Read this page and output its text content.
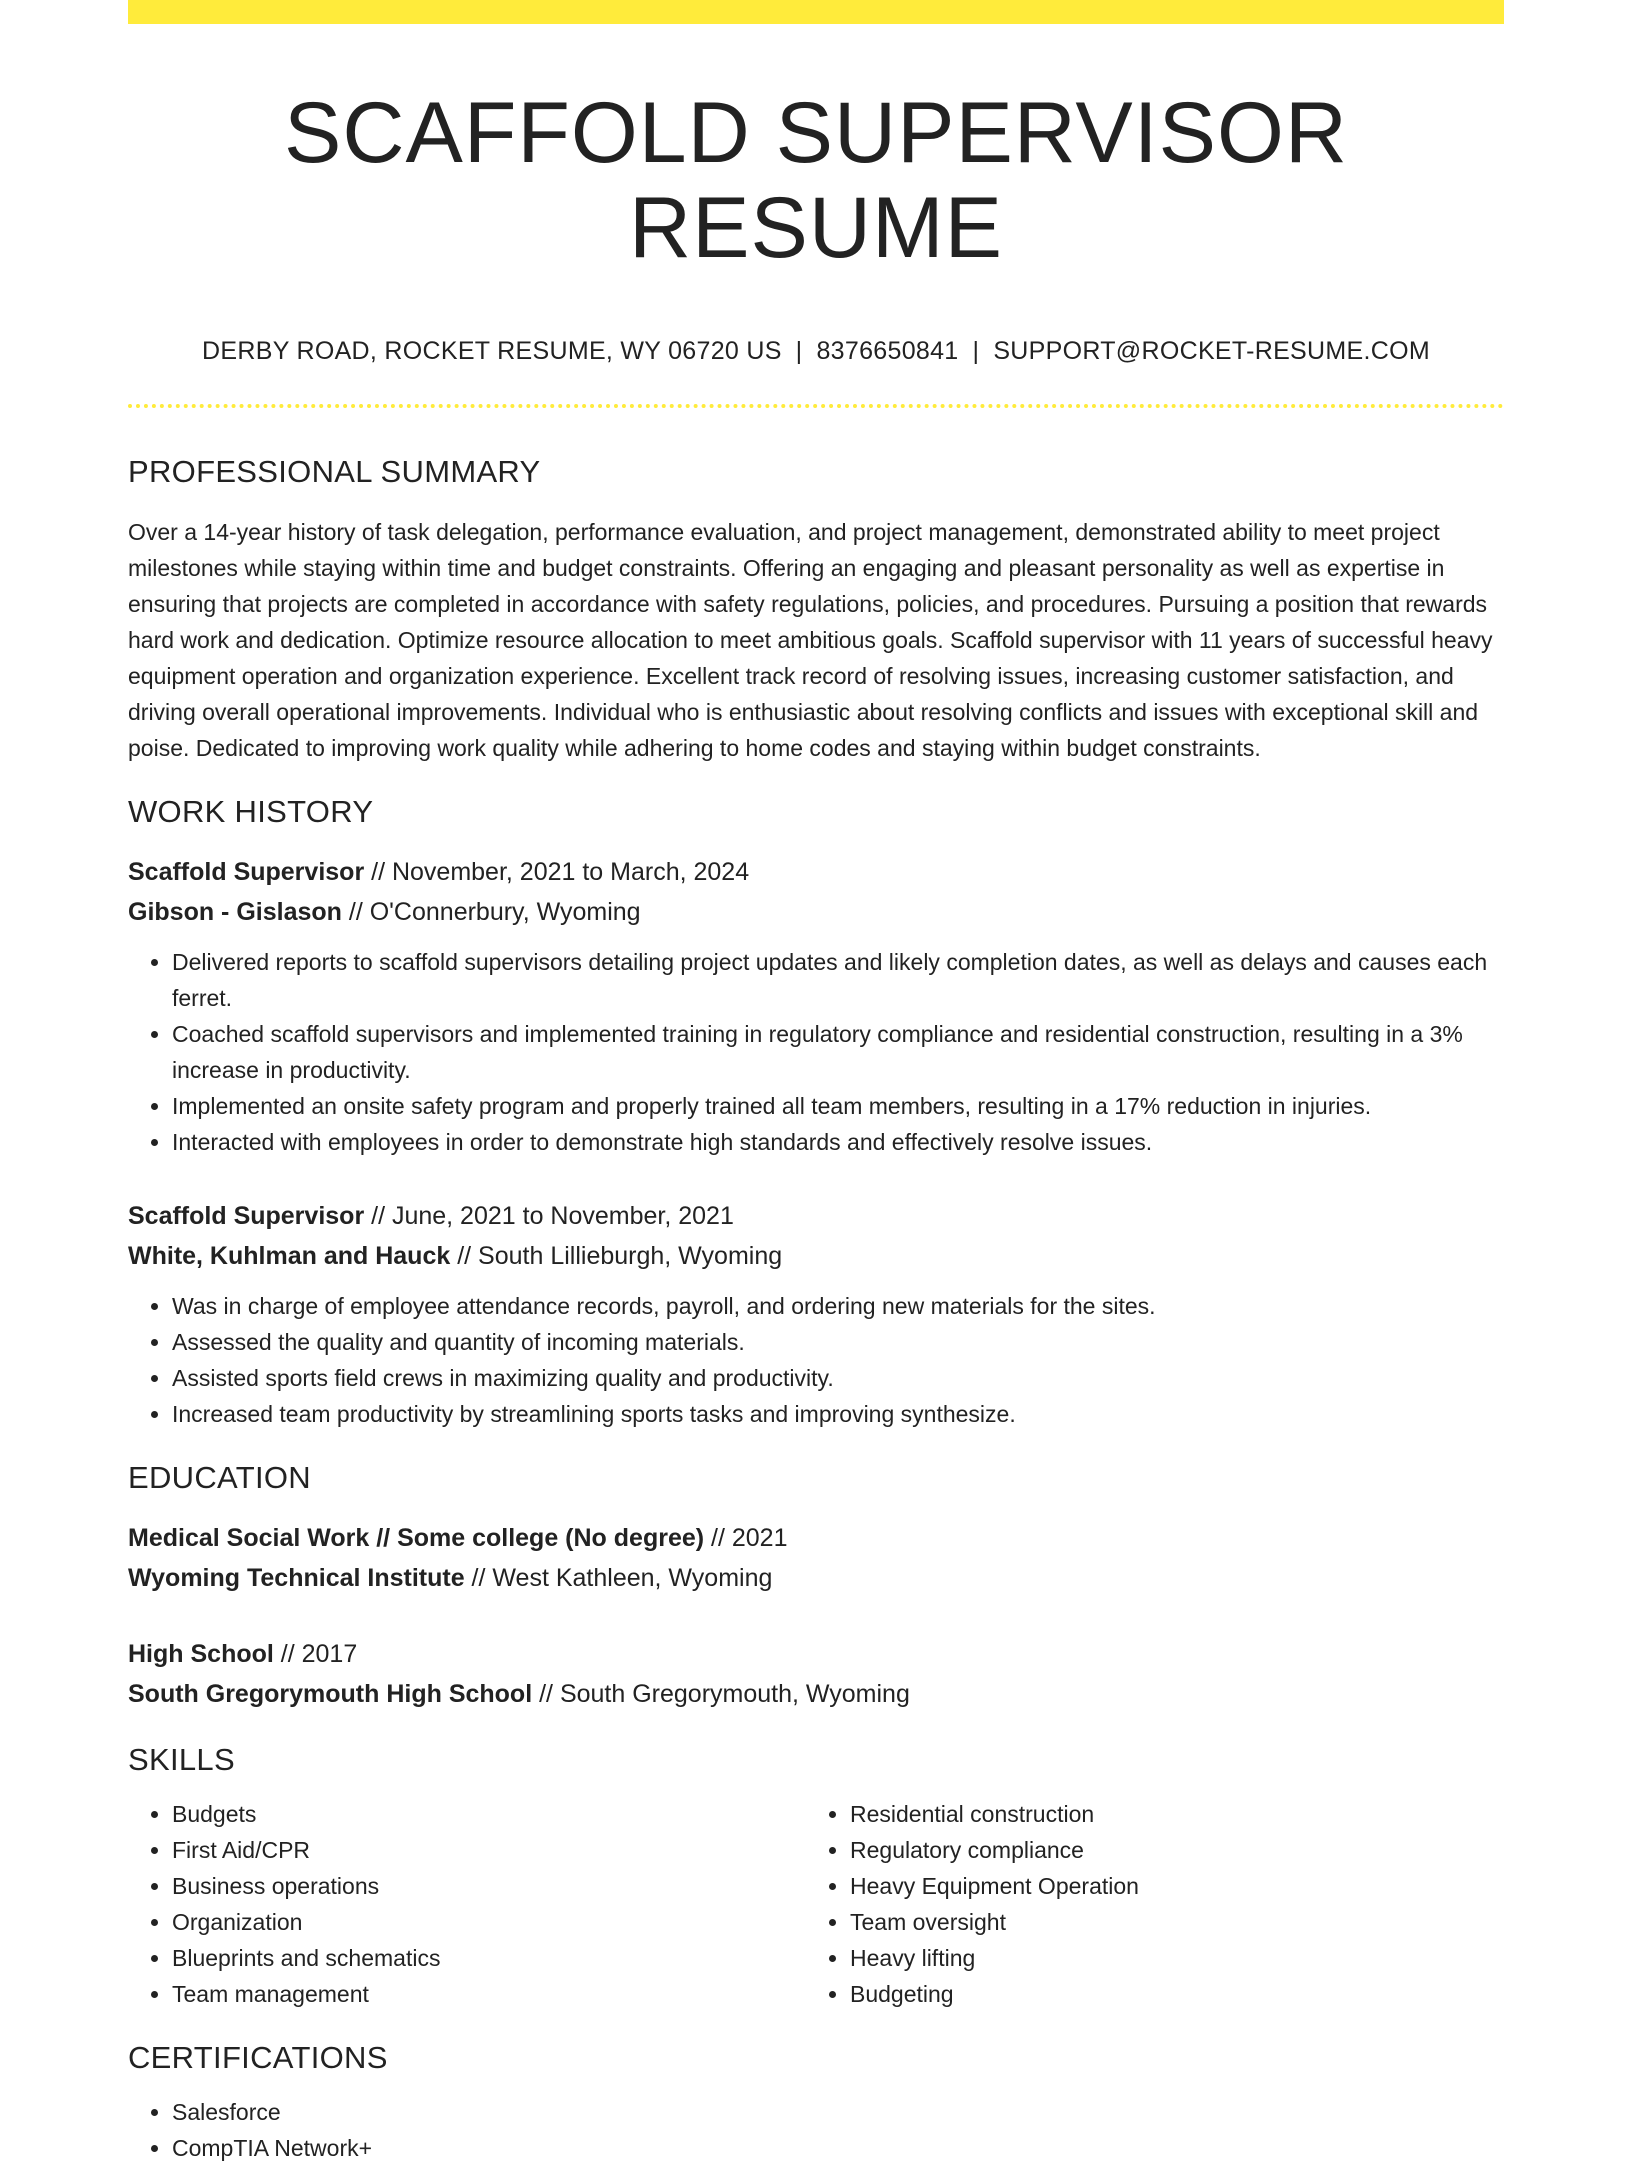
SCAFFOLD SUPERVISOR RESUME
DERBY ROAD, ROCKET RESUME, WY 06720 US | 8376650841 | SUPPORT@ROCKET-RESUME.COM
PROFESSIONAL SUMMARY

Over a 14-year history of task delegation, performance evaluation, and project management, demonstrated ability to meet project milestones while staying within time and budget constraints. Offering an engaging and pleasant personality as well as expertise in ensuring that projects are completed in accordance with safety regulations, policies, and procedures. Pursuing a position that rewards hard work and dedication. Optimize resource allocation to meet ambitious goals. Scaffold supervisor with 11 years of successful heavy equipment operation and organization experience. Excellent track record of resolving issues, increasing customer satisfaction, and driving overall operational improvements. Individual who is enthusiastic about resolving conflicts and issues with exceptional skill and poise. Dedicated to improving work quality while adhering to home codes and staying within budget constraints.

WORK HISTORY
Scaffold Supervisor // November, 2021 to March, 2024
Gibson - Gislason // O'Connerbury, Wyoming
• Delivered reports to scaffold supervisors detailing project updates and likely completion dates, as well as delays and causes each ferret.
• Coached scaffold supervisors and implemented training in regulatory compliance and residential construction, resulting in a 3% increase in productivity.
• Implemented an onsite safety program and properly trained all team members, resulting in a 17% reduction in injuries.
• Interacted with employees in order to demonstrate high standards and effectively resolve issues.
Scaffold Supervisor // June, 2021 to November, 2021
White, Kuhlman and Hauck // South Lillieburgh, Wyoming
• Was in charge of employee attendance records, payroll, and ordering new materials for the sites.
• Assessed the quality and quantity of incoming materials.
• Assisted sports field crews in maximizing quality and productivity.
• Increased team productivity by streamlining sports tasks and improving synthesize.
EDUCATION
Medical Social Work // Some college (No degree) // 2021
Wyoming Technical Institute // West Kathleen, Wyoming
High School // 2017
South Gregorymouth High School // South Gregorymouth, Wyoming
SKILLS
• Budgets
• First Aid/CPR
• Business operations
• Organization
• Blueprints and schematics
• Team management
• Residential construction
• Regulatory compliance
• Heavy Equipment Operation
• Team oversight
• Heavy lifting
• Budgeting
CERTIFICATIONS
• Salesforce
• CompTIA Network+
